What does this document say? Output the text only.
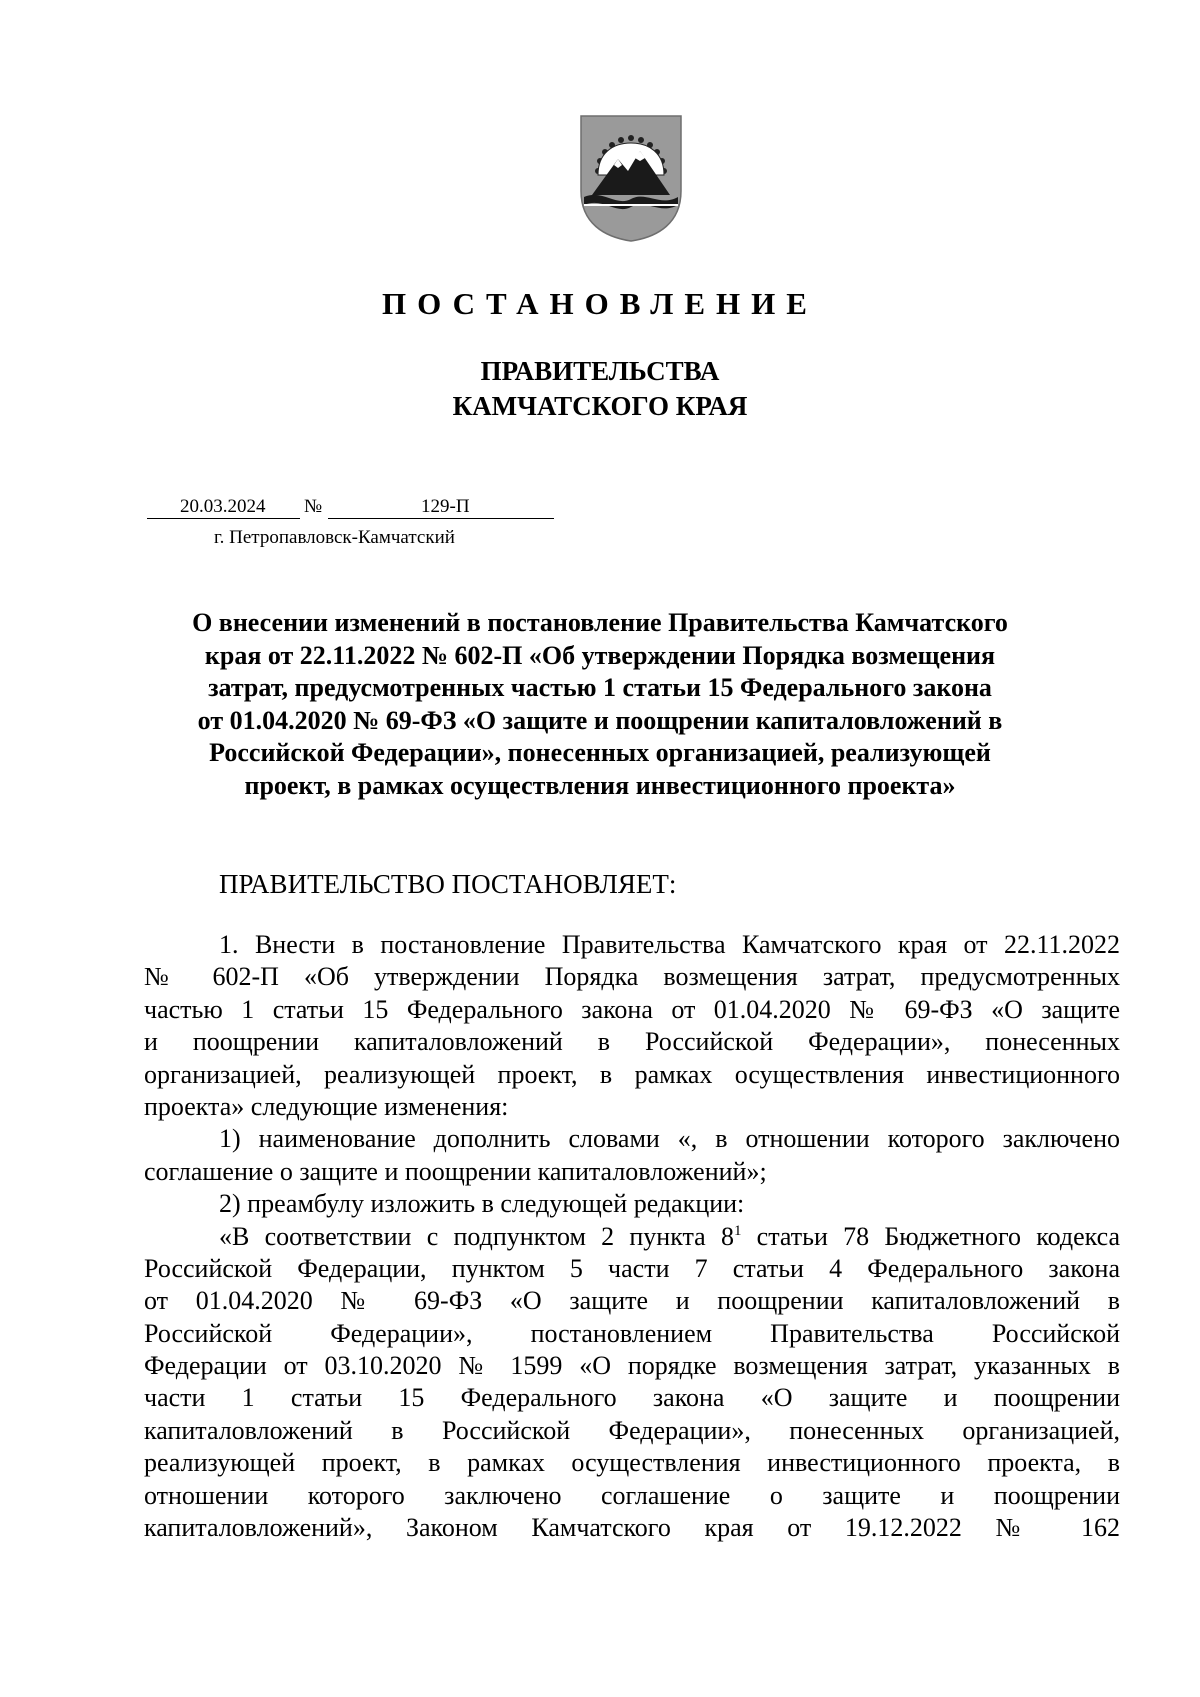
ПОСТАНОВЛЕНИЕ
ПРАВИТЕЛЬСТВА
КАМЧАТСКОГО КРАЯ
20.03.2024 №	129-П
г. Петропавловск-Камчатский
О внесении изменений в постановление Правительства Камчатского
края от 22.11.2022 № 602-П «Об утверждении Порядка возмещения
затрат, предусмотренных частью 1 статьи 15 Федерального закона
от 01.04.2020 № 69-ФЗ «О защите и поощрении капиталовложений в
Российской Федерации», понесенных организацией, реализующей
проект, в рамках осуществления инвестиционного проекта»
ПРАВИТЕЛЬСТВО ПОСТАНОВЛЯЕТ:
1. Внести в постановление Правительства Камчатского края от 22.11.2022
№ 602-П «Об утверждении Порядка возмещения затрат, предусмотренных
частью 1 статьи 15 Федерального закона от 01.04.2020 № 69-ФЗ «О защите
и поощрении капиталовложений в Российской Федерации», понесенных
организацией, реализующей проект, в рамках осуществления инвестиционного
проекта» следующие изменения:
1) наименование дополнить словами «, в отношении которого заключено
соглашение о защите и поощрении капиталовложений»;
2) преамбулу изложить в следующей редакции:
«В соответствии с подпунктом 2 пункта $8^1$ статьи 78 Бюджетного кодекса
Российской Федерации, пунктом 5 части 7 статьи 4 Федерального закона
от 01.04.2020 № 69-ФЗ «О защите и поощрении капиталовложений в
Российской Федерации», постановлением Правительства Российской
Федерации от 03.10.2020 № 1599 «О порядке возмещения затрат, указанных в
части 1 статьи 15 Федерального закона «О защите и поощрении
капиталовложений в Российской Федерации», понесенных организацией,
реализующей проект, в рамках осуществления инвестиционного проекта, в
отношении которого заключено соглашение о защите и поощрении
капиталовложений», Законом Камчатского края от 19.12.2022 № 162
